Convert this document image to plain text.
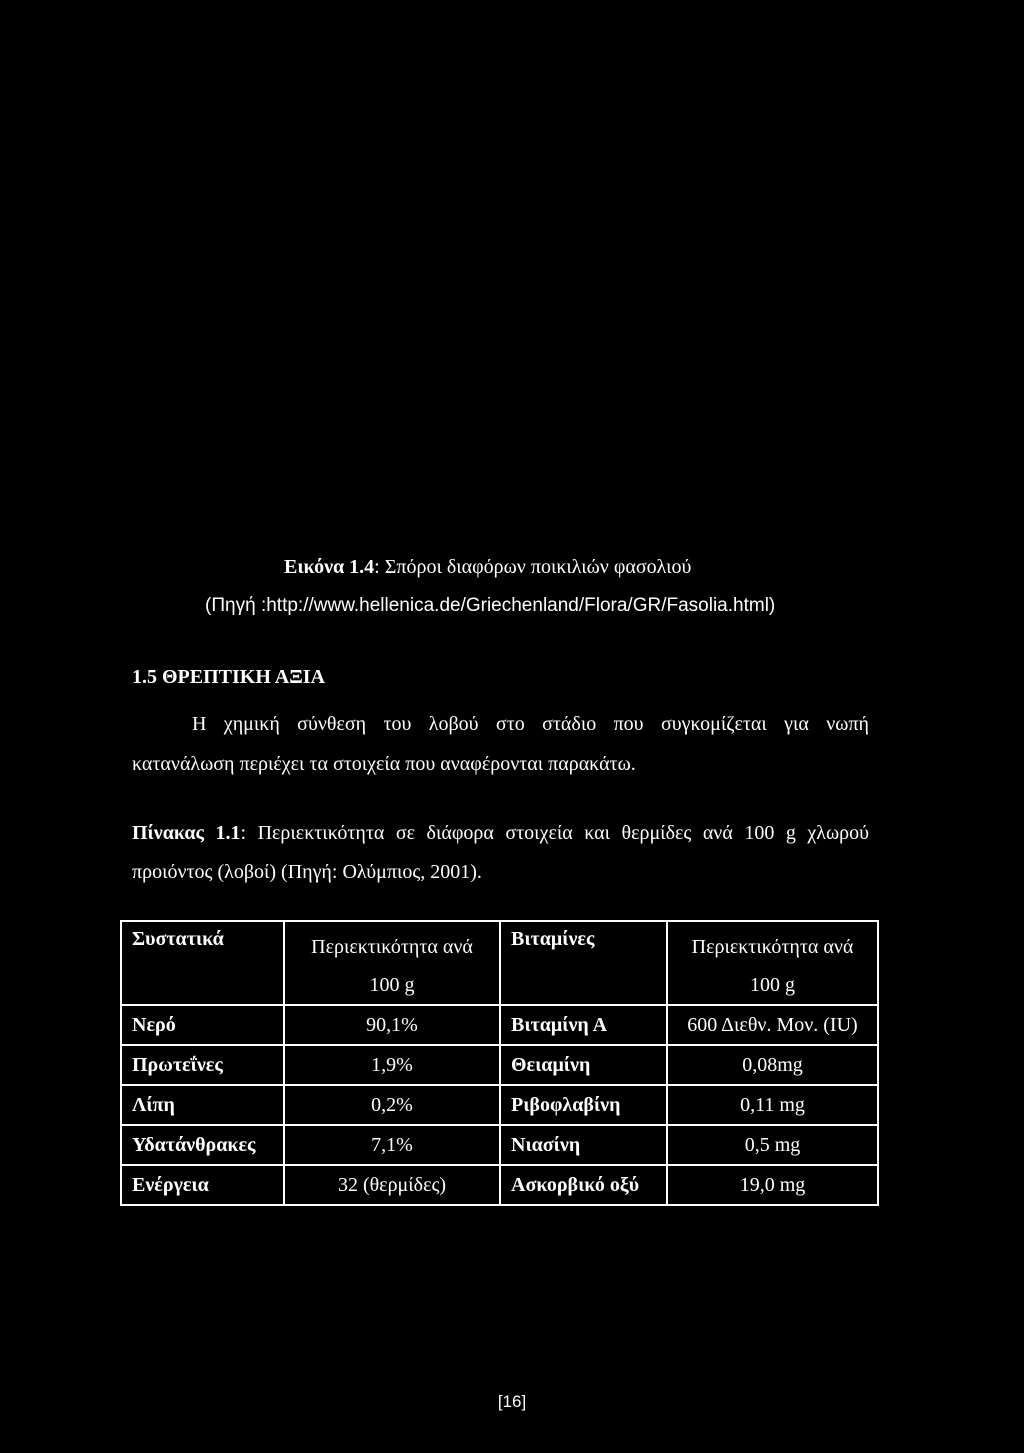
Εικόνα 1.4: Σπόροι διαφόρων ποικιλιών φασολιού
(Πηγή :http://www.hellenica.de/Griechenland/Flora/GR/Fasolia.html)
1.5 ΘΡΕΠΤΙΚΗ ΑΞΙΑ
Η χημική σύνθεση του λοβού στο στάδιο που συγκομίζεται για νωπή
κατανάλωση περιέχει τα στοιχεία που αναφέρονται παρακάτω.
Πίνακας 1.1: Περιεκτικότητα σε διάφορα στοιχεία και θερμίδες ανά 100 g χλωρού
προιόντος (λοβοί) (Πηγή: Ολύμπιος, 2001).
Συστατικά	Περιεκτικότητα ανά 100 g	Βιταμίνες	Περιεκτικότητα ανά 100 g
Νερό	90,1%	Βιταμίνη Α	600 Διεθν. Μον. (IU)
Πρωτεΐνες	1,9%	Θειαμίνη	0,08mg
Λίπη	0,2%	Ριβοφλαβίνη	0,11 mg
Υδατάνθρακες	7,1%	Νιασίνη	0,5 mg
Ενέργεια	32 (θερμίδες)	Ασκορβικό οξύ	19,0 mg
[16]
